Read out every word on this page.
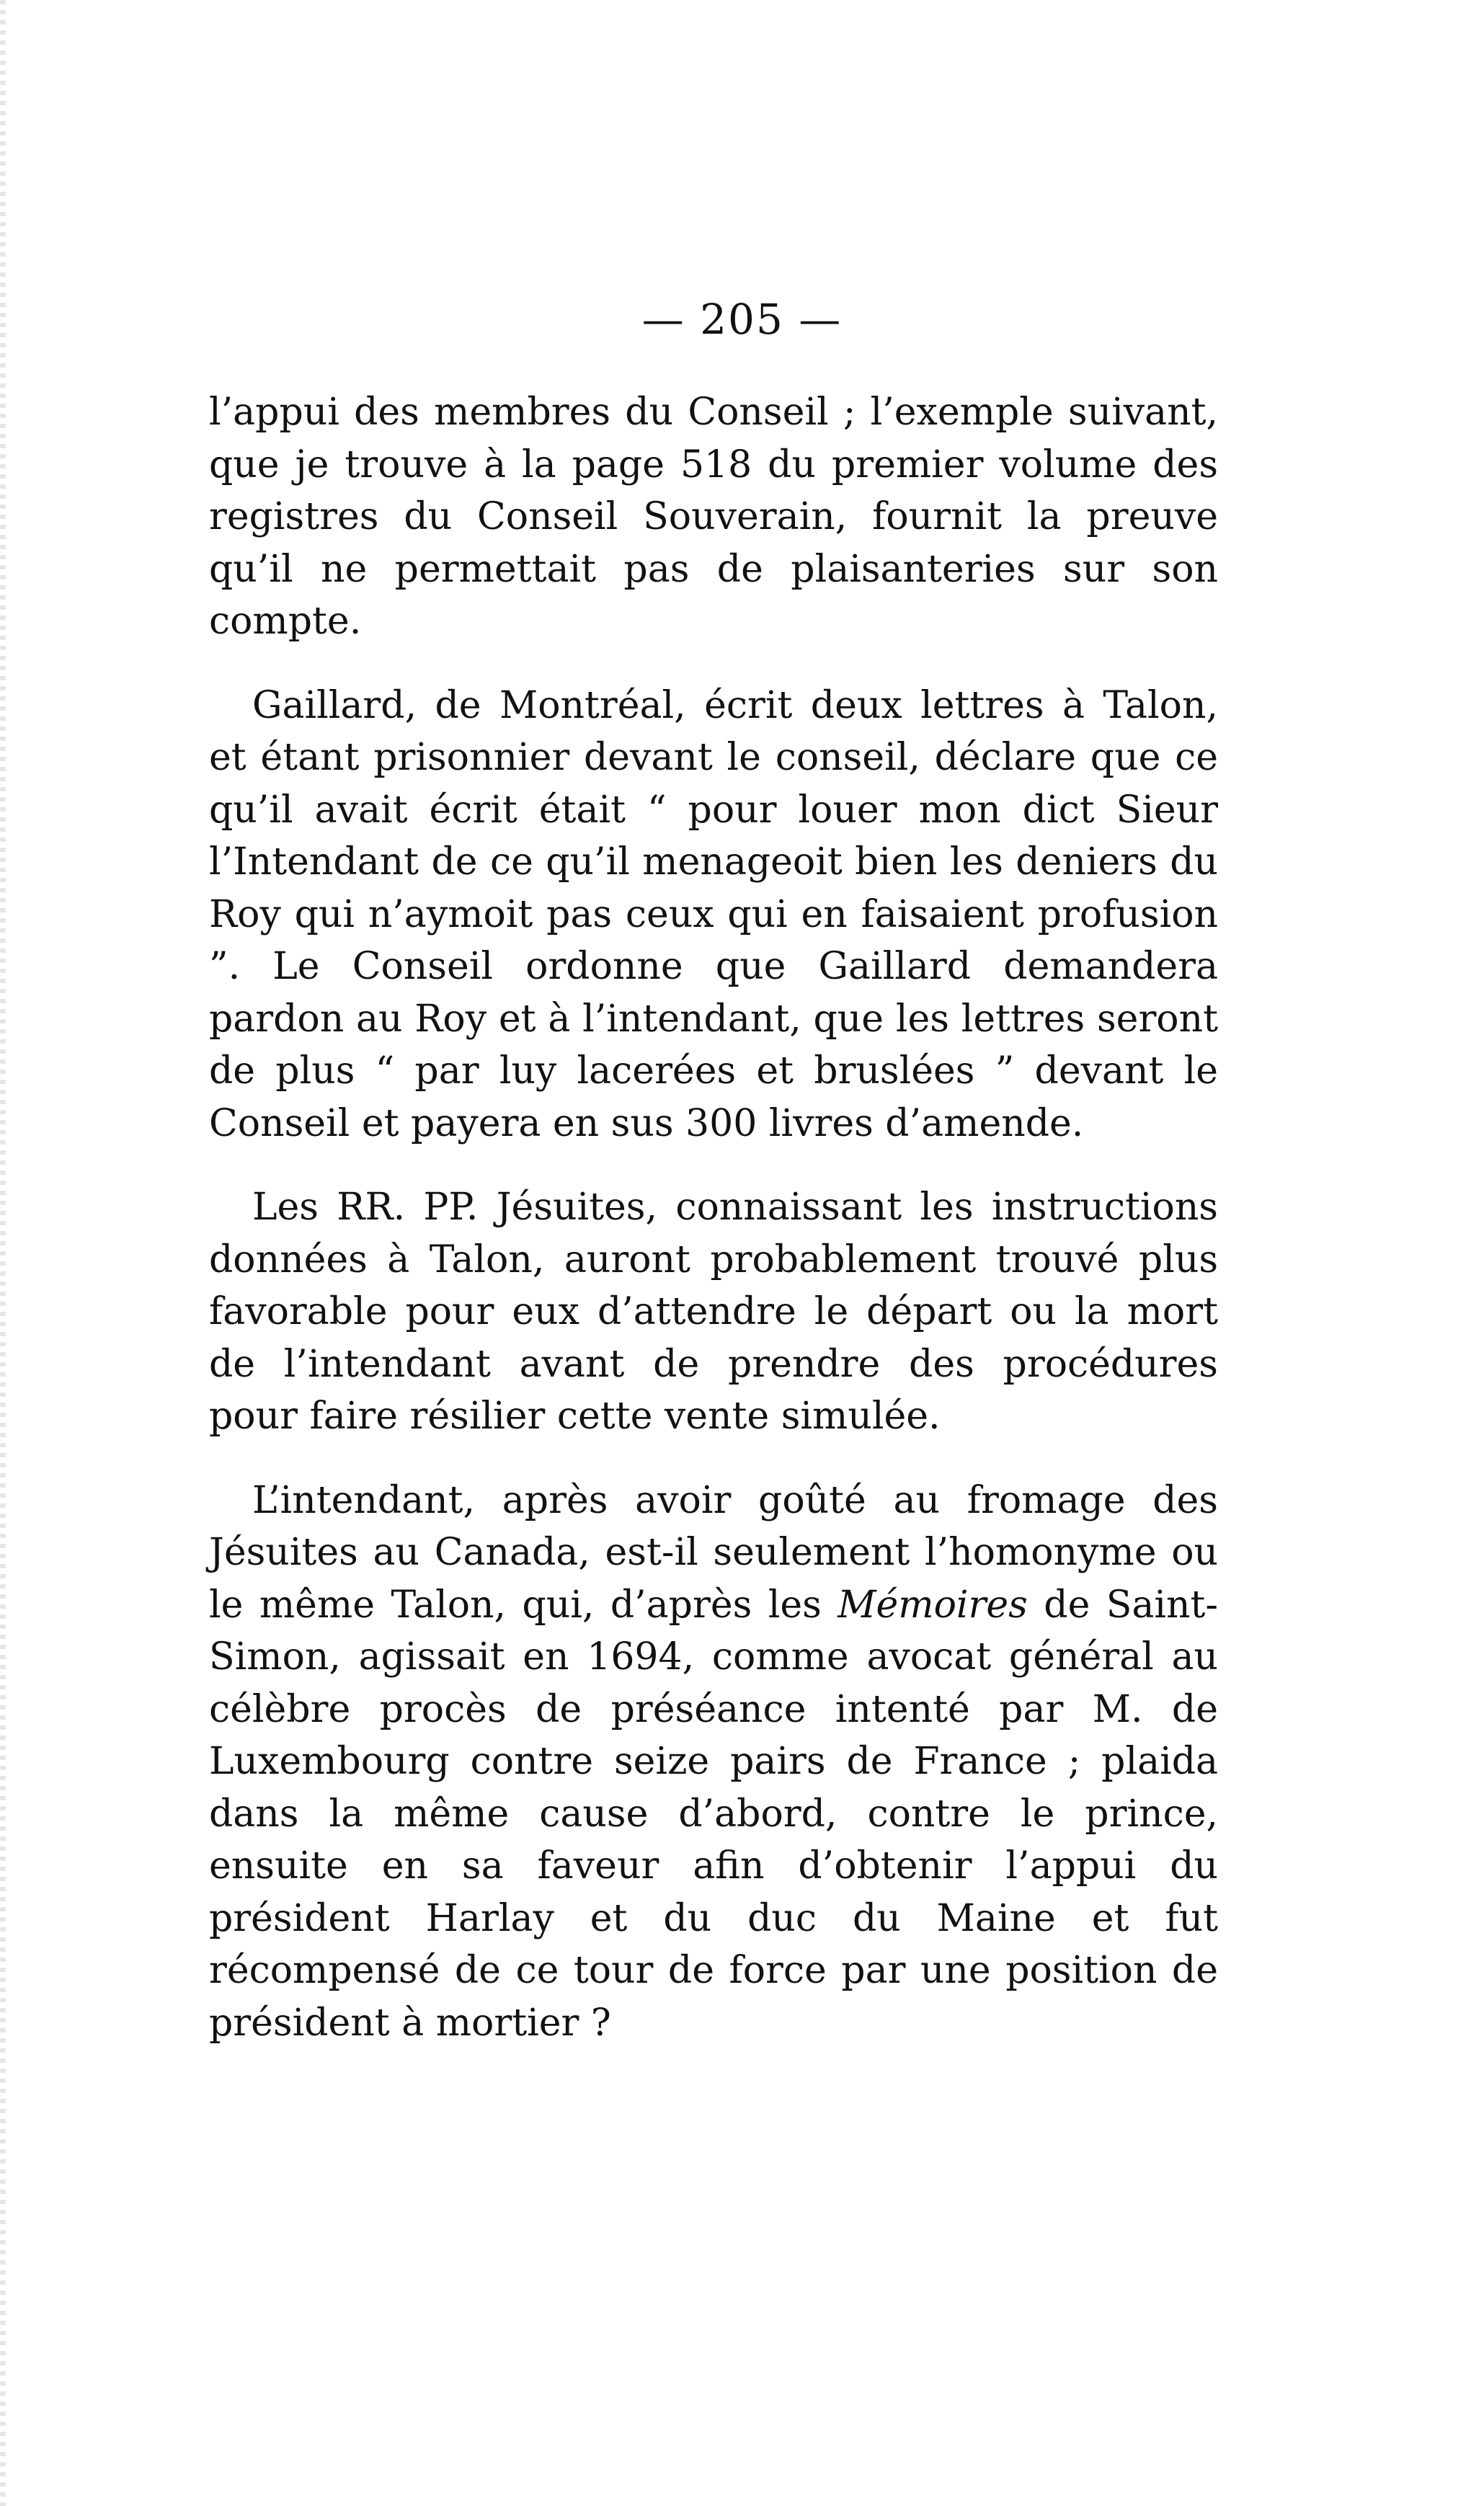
— 205 —

l’appui des membres du Conseil ; l’exemple suivant, que je trouve à la page 518 du premier volume des registres du Conseil Souverain, fournit la preuve qu’il ne permettait pas de plaisanteries sur son compte.

Gaillard, de Montréal, écrit deux lettres à Talon, et étant prisonnier devant le conseil, déclare que ce qu’il avait écrit était “ pour louer mon dict Sieur l’Intendant de ce qu’il menageoit bien les deniers du Roy qui n’aymoit pas ceux qui en faisaient profusion ”. Le Conseil ordonne que Gaillard demandera pardon au Roy et à l’intendant, que les lettres seront de plus “ par luy lacerées et bruslées ” devant le Conseil et payera en sus 300 livres d’amende.

Les RR. PP. Jésuites, connaissant les instructions données à Talon, auront probablement trouvé plus favorable pour eux d’attendre le départ ou la mort de l’intendant avant de prendre des procédures pour faire résilier cette vente simulée.

L’intendant, après avoir goûté au fromage des Jésuites au Canada, est-il seulement l’homonyme ou le même Talon, qui, d’après les Mémoires de Saint-Simon, agissait en 1694, comme avocat général au célèbre procès de préséance intenté par M. de Luxembourg contre seize pairs de France ; plaida dans la même cause d’abord, contre le prince, ensuite en sa faveur afin d’obtenir l’appui du président Harlay et du duc du Maine et fut récompensé de ce tour de force par une position de président à mortier ?
